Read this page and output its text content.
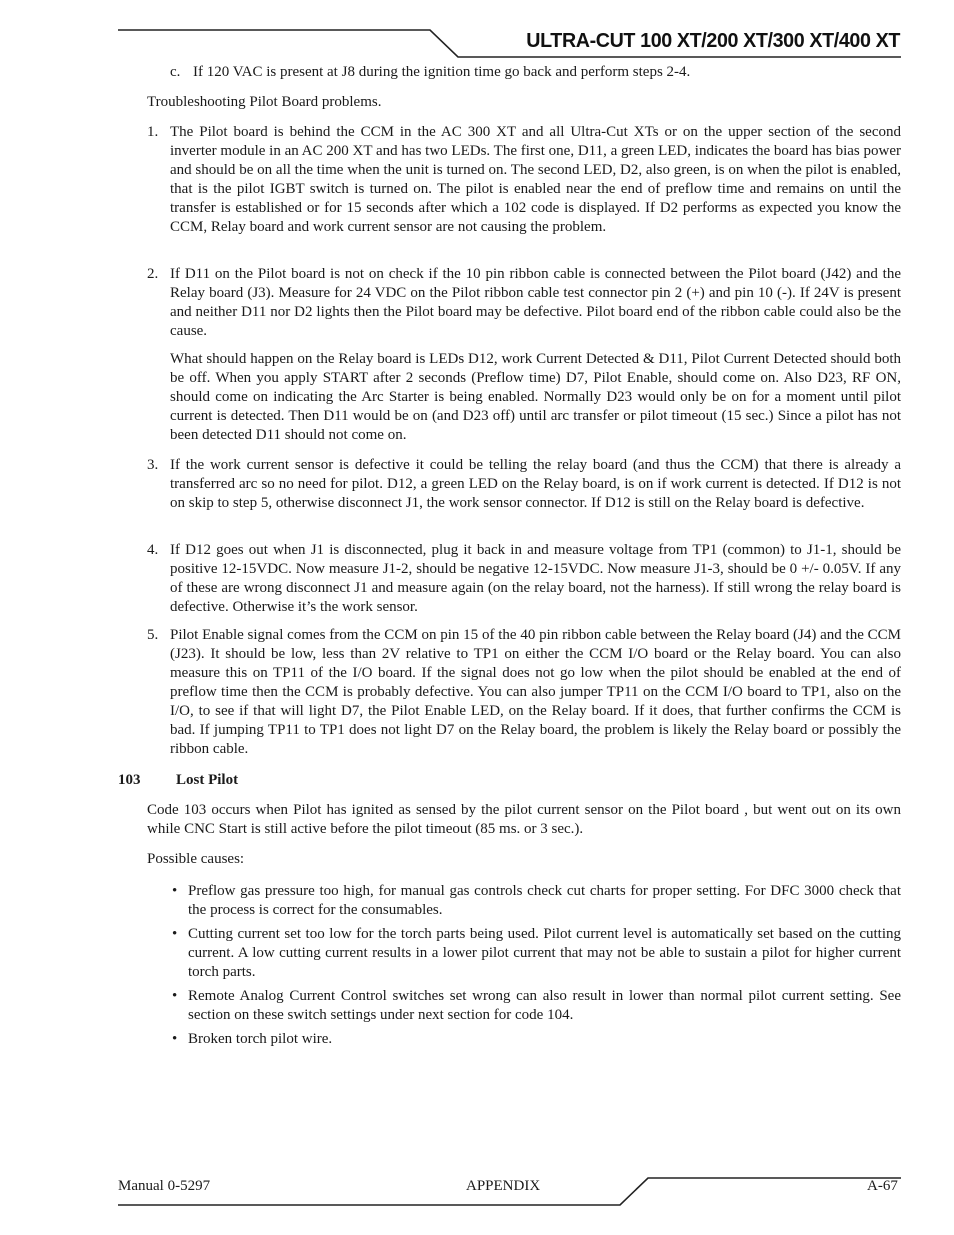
ULTRA-CUT 100 XT/200 XT/300 XT/400 XT
c. If 120 VAC is present at J8 during the ignition time go back and perform steps 2-4.
Troubleshooting Pilot Board problems.
1. The Pilot board is behind the CCM in the AC 300 XT and all Ultra-Cut XTs or on the upper section of the second inverter module in an AC 200 XT and has two LEDs. The first one, D11, a green LED, indicates the board has bias power and should be on all the time when the unit is turned on. The second LED, D2, also green, is on when the pilot is enabled, that is the pilot IGBT switch is turned on. The pilot is enabled near the end of preflow time and remains on until the transfer is established or for 15 seconds after which a 102 code is displayed. If D2 performs as expected you know the CCM, Relay board and work current sensor are not causing the problem.
2. If D11 on the Pilot board is not on check if the 10 pin ribbon cable is connected between the Pilot board (J42) and the Relay board (J3). Measure for 24 VDC on the Pilot ribbon cable test connector pin 2 (+) and pin 10 (-). If 24V is present and neither D11 nor D2 lights then the Pilot board may be defective. Pilot board end of the ribbon cable could also be the cause.
What should happen on the Relay board is LEDs D12, work Current Detected & D11, Pilot Current Detected should both be off. When you apply START after 2 seconds (Preflow time) D7, Pilot Enable, should come on. Also D23, RF ON, should come on indicating the Arc Starter is being enabled. Normally D23 would only be on for a moment until pilot current is detected. Then D11 would be on (and D23 off) until arc transfer or pilot timeout (15 sec.) Since a pilot has not been detected D11 should not come on.
3. If the work current sensor is defective it could be telling the relay board (and thus the CCM) that there is already a transferred arc so no need for pilot. D12, a green LED on the Relay board, is on if work current is detected. If D12 is not on skip to step 5, otherwise disconnect J1, the work sensor connector. If D12 is still on the Relay board is defective.
4. If D12 goes out when J1 is disconnected, plug it back in and measure voltage from TP1 (common) to J1-1, should be positive 12-15VDC. Now measure J1-2, should be negative 12-15VDC. Now measure J1-3, should be 0 +/- 0.05V. If any of these are wrong disconnect J1 and measure again (on the relay board, not the harness). If still wrong the relay board is defective. Otherwise it’s the work sensor.
5. Pilot Enable signal comes from the CCM on pin 15 of the 40 pin ribbon cable between the Relay board (J4) and the CCM (J23). It should be low, less than 2V relative to TP1 on either the CCM I/O board or the Relay board. You can also measure this on TP11 of the I/O board. If the signal does not go low when the pilot should be enabled at the end of preflow time then the CCM is probably defective. You can also jumper TP11 on the CCM I/O board to TP1, also on the I/O, to see if that will light D7, the Pilot Enable LED, on the Relay board. If it does, that further confirms the CCM is bad. If jumping TP11 to TP1 does not light D7 on the Relay board, the problem is likely the Relay board or possibly the ribbon cable.
103 Lost Pilot
Code 103 occurs when Pilot has ignited as sensed by the pilot current sensor on the Pilot board , but went out on its own while CNC Start is still active before the pilot timeout (85 ms. or 3 sec.).
Possible causes:
• Preflow gas pressure too high, for manual gas controls check cut charts for proper setting. For DFC 3000 check that the process is correct for the consumables.
• Cutting current set too low for the torch parts being used. Pilot current level is automatically set based on the cutting current. A low cutting current results in a lower pilot current that may not be able to sustain a pilot for higher current torch parts.
• Remote Analog Current Control switches set wrong can also result in lower than normal pilot current setting. See section on these switch settings under next section for code 104.
• Broken torch pilot wire.
Manual 0-5297	APPENDIX	A-67
